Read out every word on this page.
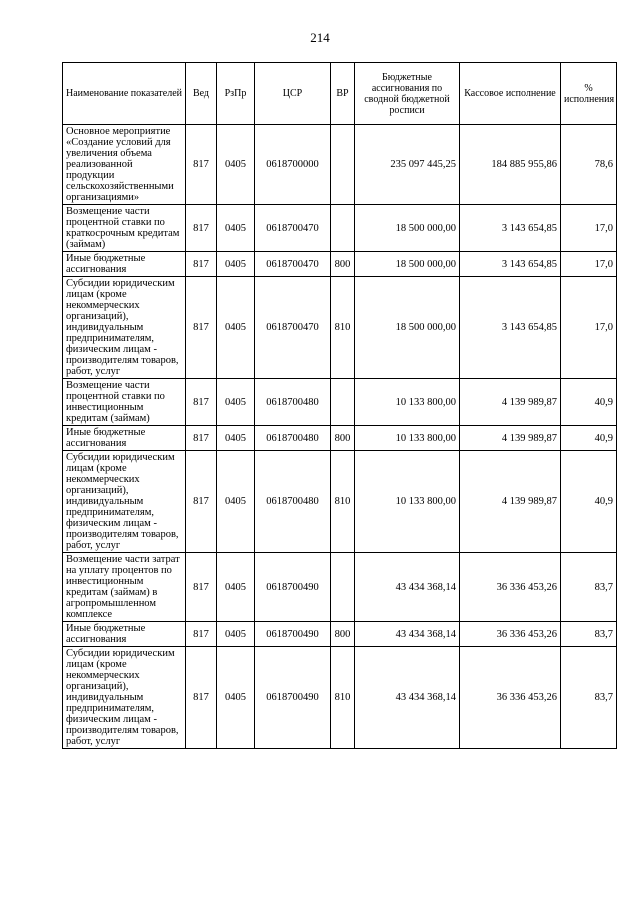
214
Наименование показателей	Вед	РзПр	ЦСР	ВР	Бюджетные ассигнования по сводной бюджетной росписи	Кассовое исполнение	% исполнения
Основное мероприятие «Создание условий для увеличения объема реализованной продукции сельскохозяйственными организациями»	817	0405	0618700000		235 097 445,25	184 885 955,86	78,6
Возмещение части процентной ставки по краткосрочным кредитам (займам)	817	0405	0618700470		18 500 000,00	3 143 654,85	17,0
Иные бюджетные ассигнования	817	0405	0618700470	800	18 500 000,00	3 143 654,85	17,0
Субсидии юридическим лицам (кроме некоммерческих организаций), индивидуальным предпринимателям, физическим лицам - производителям товаров, работ, услуг	817	0405	0618700470	810	18 500 000,00	3 143 654,85	17,0
Возмещение части процентной ставки по инвестиционным кредитам (займам)	817	0405	0618700480		10 133 800,00	4 139 989,87	40,9
Иные бюджетные ассигнования	817	0405	0618700480	800	10 133 800,00	4 139 989,87	40,9
Субсидии юридическим лицам (кроме некоммерческих организаций), индивидуальным предпринимателям, физическим лицам - производителям товаров, работ, услуг	817	0405	0618700480	810	10 133 800,00	4 139 989,87	40,9
Возмещение части затрат на уплату процентов по инвестиционным кредитам (займам) в агропромышленном комплексе	817	0405	0618700490		43 434 368,14	36 336 453,26	83,7
Иные бюджетные ассигнования	817	0405	0618700490	800	43 434 368,14	36 336 453,26	83,7
Субсидии юридическим лицам (кроме некоммерческих организаций), индивидуальным предпринимателям, физическим лицам - производителям товаров, работ, услуг	817	0405	0618700490	810	43 434 368,14	36 336 453,26	83,7
